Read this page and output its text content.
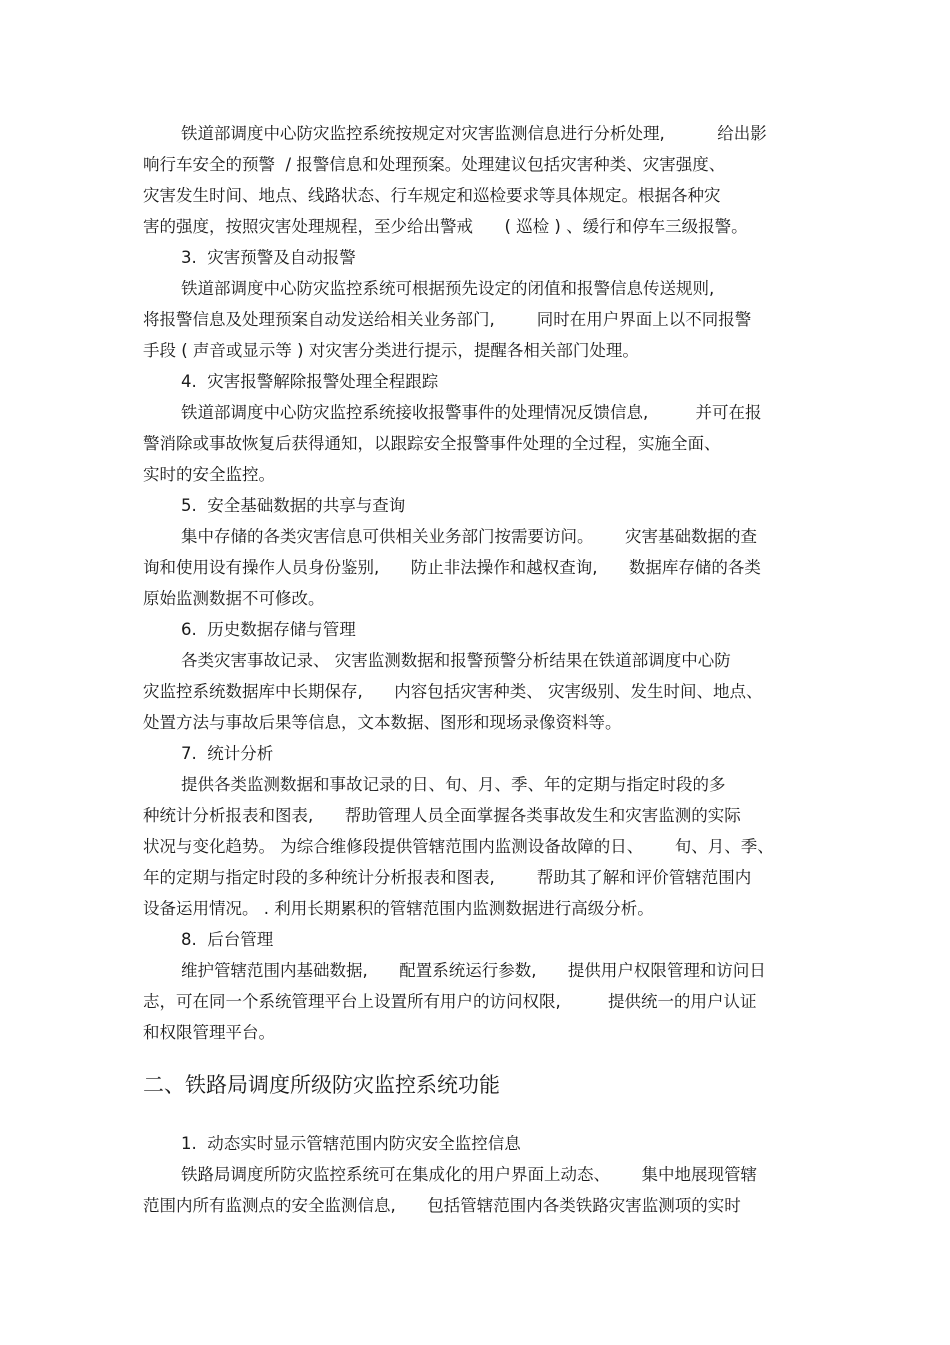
铁道部调度中心防灾监控系统按规定对灾害监测信息进行分析处理,          给出影
响行车安全的预警  / 报警信息和处理预案。处理建议包括灾害种类、灾害强度、
灾害发生时间、地点、线路状态、行车规定和巡检要求等具体规定。根据各种灾
害的强度，按照灾害处理规程，至少给出警戒      ( 巡检 ) 、缓行和停车三级报警。
3.  灾害预警及自动报警
铁道部调度中心防灾监控系统可根据预先设定的闭值和报警信息传送规则,
将报警信息及处理预案自动发送给相关业务部门,        同时在用户界面上以不同报警
手段 ( 声音或显示等 ) 对灾害分类进行提示，提醒各相关部门处理。
4.  灾害报警解除报警处理全程跟踪
铁道部调度中心防灾监控系统接收报警事件的处理情况反馈信息,         并可在报
警消除或事故恢复后获得通知，以跟踪安全报警事件处理的全过程，实施全面、
实时的安全监控。
5.  安全基础数据的共享与查询
集中存储的各类灾害信息可供相关业务部门按需要访问。      灾害基础数据的查
询和使用设有操作人员身份鉴别,      防止非法操作和越权查询,      数据库存储的各类
原始监测数据不可修改。
6.  历史数据存储与管理
各类灾害事故记录、 灾害监测数据和报警预警分析结果在铁道部调度中心防
灾监控系统数据库中长期保存,      内容包括灾害种类、 灾害级别、发生时间、地点、
处置方法与事故后果等信息，文本数据、图形和现场录像资料等。
7.  统计分析
提供各类监测数据和事故记录的日、旬、月、季、年的定期与指定时段的多
种统计分析报表和图表,      帮助管理人员全面掌握各类事故发生和灾害监测的实际
状况与变化趋势。 为综合维修段提供管辖范围内监测设备故障的日、      旬、月、季、
年的定期与指定时段的多种统计分析报表和图表,        帮助其了解和评价管辖范围内
设备运用情况。 . 利用长期累积的管辖范围内监测数据进行高级分析。
8.  后台管理
维护管辖范围内基础数据,      配置系统运行参数,      提供用户权限管理和访问日
志，可在同一个系统管理平台上设置所有用户的访问权限,         提供统一的用户认证
和权限管理平台。
二、铁路局调度所级防灾监控系统功能
1.  动态实时显示管辖范围内防灾安全监控信息
铁路局调度所防灾监控系统可在集成化的用户界面上动态、      集中地展现管辖
范围内所有监测点的安全监测信息,      包括管辖范围内各类铁路灾害监测项的实时
